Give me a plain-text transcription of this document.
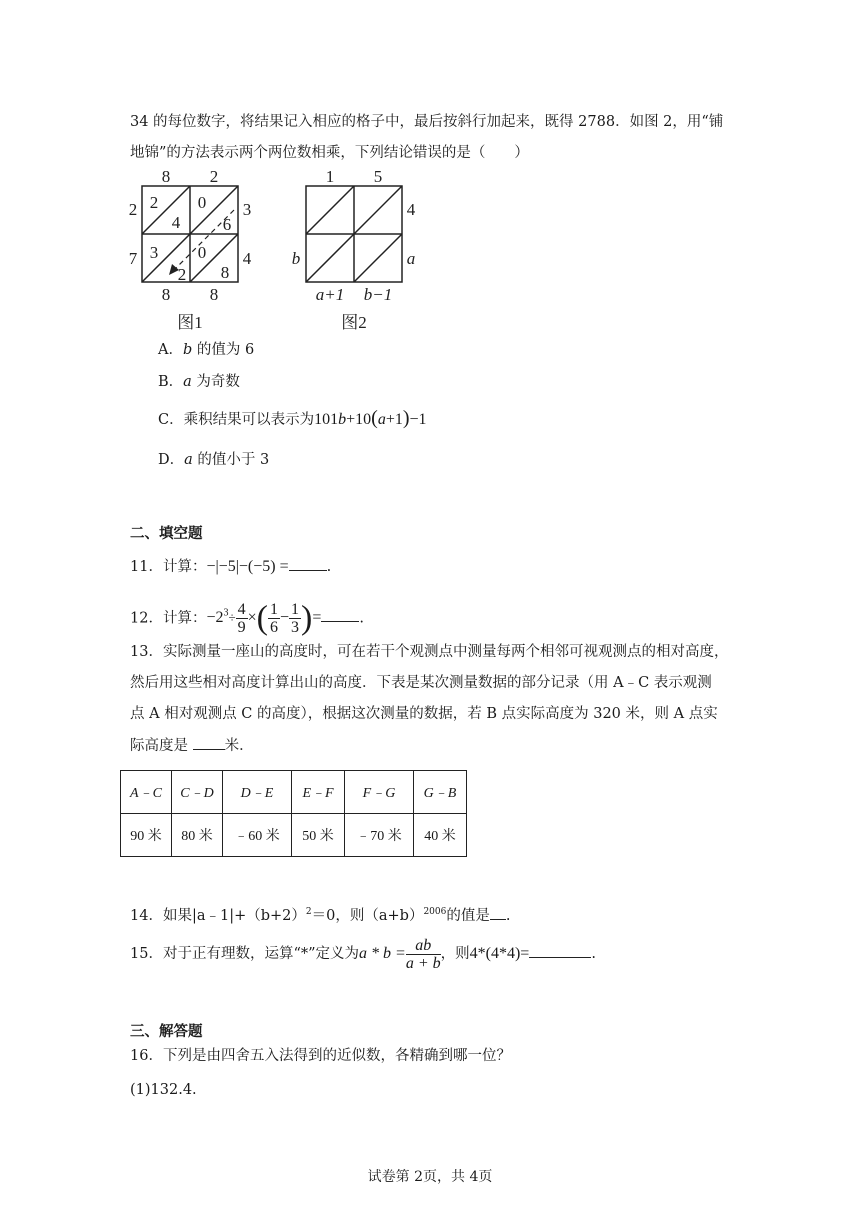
34 的每位数字，将结果记入相应的格子中，最后按斜行加起来，既得 2788．如图 2，用“铺
地锦”的方法表示两个两位数相乘，下列结论错误的是（　　）
8 2
2
7
3
4
8 8
2
4
0
6
3
2
0
8
图1
1 5
4
a
b
a+1 b−1
图2
A．b 的值为 6
B．a 为奇数
C．乘积结果可以表示为101b+10(a+1)−1
D．a 的值小于 3
二、填空题
11．计算：−|−5|−(−5) =	.
12．计算：$-2^3\div \frac{4}{9}$ ×( $\frac{1}{6} - \frac{1}{3}$ )=	.
13．实际测量一座山的高度时，可在若干个观测点中测量每两个相邻可视观测点的相对高度，
然后用这些相对高度计算出山的高度．下表是某次测量数据的部分记录（用 A﹣C 表示观测
点 A 相对观测点 C 的高度），根据这次测量的数据，若 B 点实际高度为 320 米，则 A 点实
际高度是 米．
A﹣C	C﹣D	D﹣E	E﹣F	F﹣G	G﹣B
90 米	80 米	﹣60 米	50 米	﹣70 米	40 米
14．如果$|a﹣1|+(b+2)^2=0$，则$(a+b)^{2006}$的值是 .
15．对于正有理数，运算“*”定义为$a * b = \frac{ab}{a + b}$ ，则4*(4*4)=	.
三、解答题
16．下列是由四舍五入法得到的近似数，各精确到哪一位？
(1)132.4.
试卷第 2页，共 4页
